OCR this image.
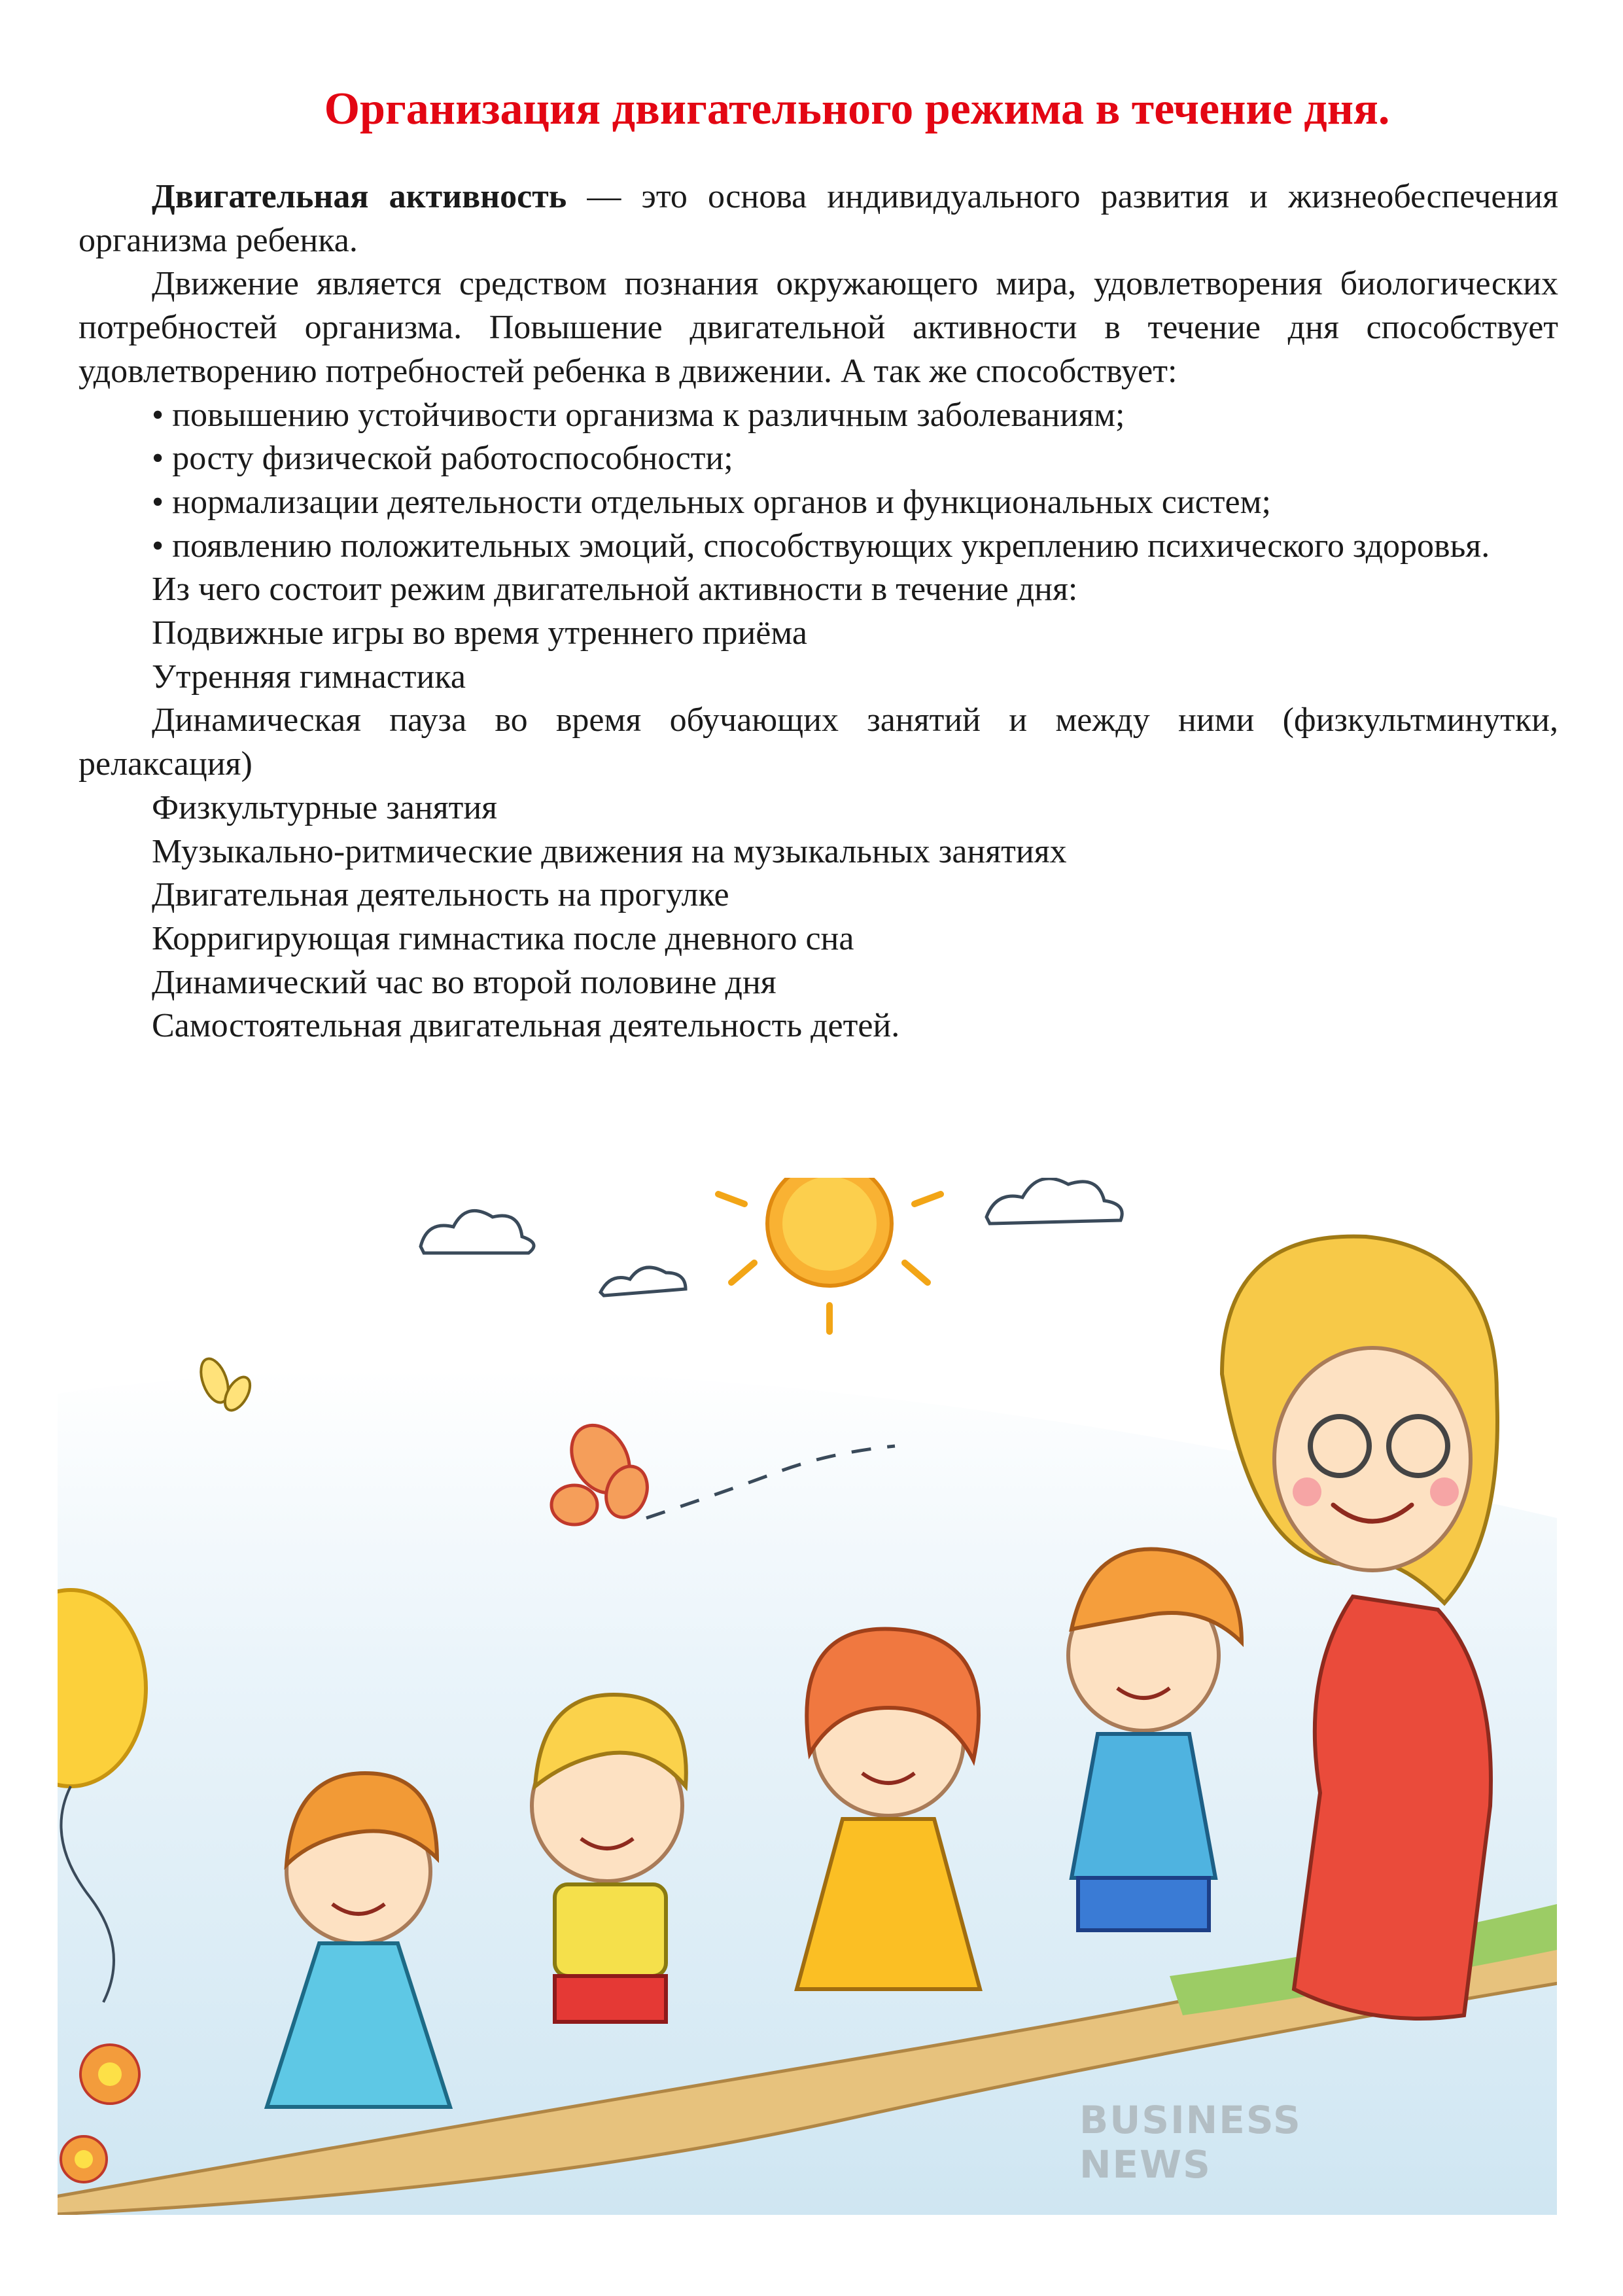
Организация двигательного режима в течение дня.

Двигательная активность — это основа индивидуального развития и жизнеобеспечения организма ребенка.

Движение является средством познания окружающего мира, удовлетворения биологических потребностей организма. Повышение двигательной активности в течение дня способствует удовлетворению потребностей ребенка в движении. А так же способствует:

• повышению устойчивости организма к различным заболеваниям;

• росту физической работоспособности;

• нормализации деятельности отдельных органов и функциональных систем;

• появлению положительных эмоций, способствующих укреплению психического здоровья.

Из чего состоит режим двигательной активности в течение дня:

Подвижные игры во время утреннего приёма

Утренняя гимнастика

Динамическая пауза во время обучающих занятий и между ними (физкультминутки, релаксация)

Физкультурные занятия

Музыкально-ритмические движения на музыкальных занятиях

Двигательная деятельность на прогулке

Корригирующая гимнастика после дневного сна

Динамический час во второй половине дня

Самостоятельная двигательная деятельность детей.

BUSINESS NEWS
